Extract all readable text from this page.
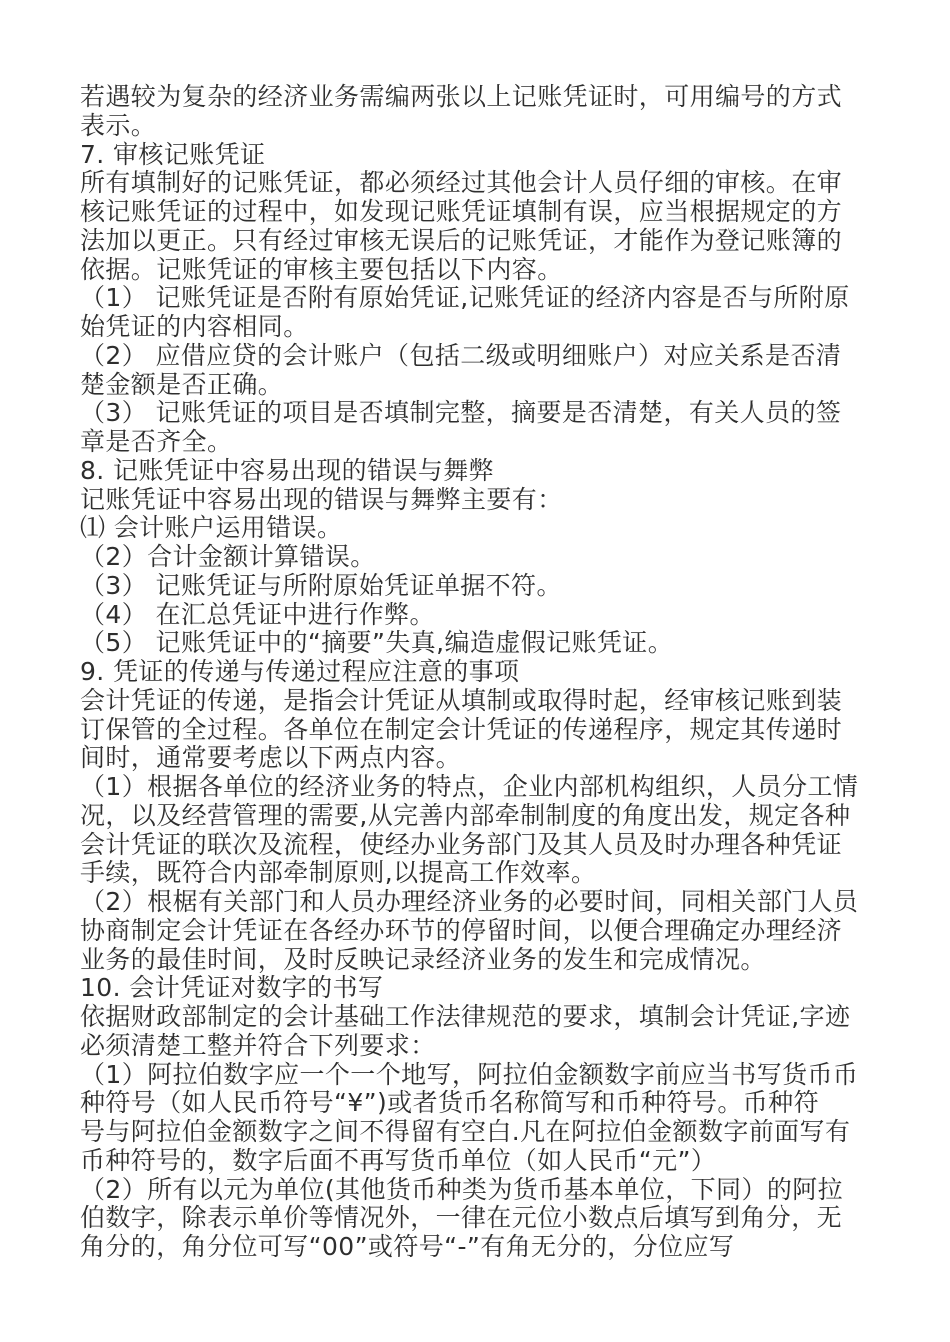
若遇较为复杂的经济业务需编两张以上记账凭证时，可用编号的方式
表示。
7. 审核记账凭证
所有填制好的记账凭证，都必须经过其他会计人员仔细的审核。在审
核记账凭证的过程中，如发现记账凭证填制有误，应当根据规定的方
法加以更正。只有经过审核无误后的记账凭证，才能作为登记账簿的
依据。记账凭证的审核主要包括以下内容。
（1） 记账凭证是否附有原始凭证,记账凭证的经济内容是否与所附原
始凭证的内容相同。
（2） 应借应贷的会计账户（包括二级或明细账户）对应关系是否清
楚金额是否正确。
（3） 记账凭证的项目是否填制完整，摘要是否清楚，有关人员的签
章是否齐全。
8. 记账凭证中容易出现的错误与舞弊
记账凭证中容易出现的错误与舞弊主要有：
⑴ 会计账户运用错误。
（2）合计金额计算错误。
（3） 记账凭证与所附原始凭证单据不符。
（4） 在汇总凭证中进行作弊。
（5） 记账凭证中的“摘要”失真,编造虚假记账凭证。
9. 凭证的传递与传递过程应注意的事项
会计凭证的传递，是指会计凭证从填制或取得时起，经审核记账到装
订保管的全过程。各单位在制定会计凭证的传递程序，规定其传递时
间时，通常要考虑以下两点内容。
（1）根据各单位的经济业务的特点，企业内部机构组织，人员分工情
况，以及经营管理的需要,从完善内部牵制制度的角度出发，规定各种
会计凭证的联次及流程，使经办业务部门及其人员及时办理各种凭证
手续，既符合内部牵制原则,以提高工作效率。
（2）根椐有关部门和人员办理经济业务的必要时间，同相关部门人员
协商制定会计凭证在各经办环节的停留时间，以便合理确定办理经济
业务的最佳时间，及时反映记录经济业务的发生和完成情况。
10. 会计凭证对数字的书写
依据财政部制定的会计基础工作法律规范的要求，填制会计凭证,字迹
必须清楚工整并符合下列要求：
（1）阿拉伯数字应一个一个地写，阿拉伯金额数字前应当书写货币币
种符号（如人民币符号“¥”)或者货币名称简写和币种符号。币种符
号与阿拉伯金额数字之间不得留有空白.凡在阿拉伯金额数字前面写有
币种符号的，数字后面不再写货币单位（如人民币“元”）
（2）所有以元为单位(其他货币种类为货币基本单位，下同）的阿拉
伯数字，除表示单价等情况外，一律在元位小数点后填写到角分，无
角分的，角分位可写“00”或符号“-”有角无分的，分位应写
